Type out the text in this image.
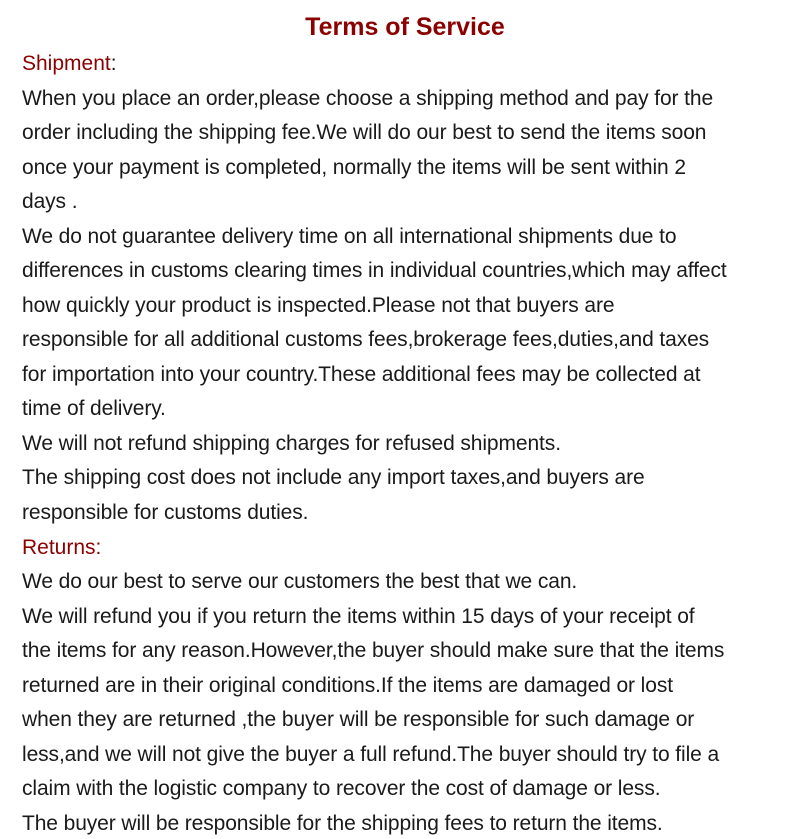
Terms of Service
Shipment:
When you place an order,please choose a shipping method and pay for the
order including the shipping fee.We will do our best to send the items soon
once your payment is completed, normally the items will be sent within 2
days .
We do not guarantee delivery time on all international shipments due to
differences in customs clearing times in individual countries,which may affect
how quickly your product is inspected.Please not that buyers are
responsible for all additional customs fees,brokerage fees,duties,and taxes
for importation into your country.These additional fees may be collected at
time of delivery.
We will not refund shipping charges for refused shipments.
The shipping cost does not include any import taxes,and buyers are
responsible for customs duties.
Returns:
We do our best to serve our customers the best that we can.
We will refund you if you return the items within 15 days of your receipt of
the items for any reason.However,the buyer should make sure that the items
returned are in their original conditions.If the items are damaged or lost
when they are returned ,the buyer will be responsible for such damage or
less,and we will not give the buyer a full refund.The buyer should try to file a
claim with the logistic company to recover the cost of damage or less.
The buyer will be responsible for the shipping fees to return the items.
